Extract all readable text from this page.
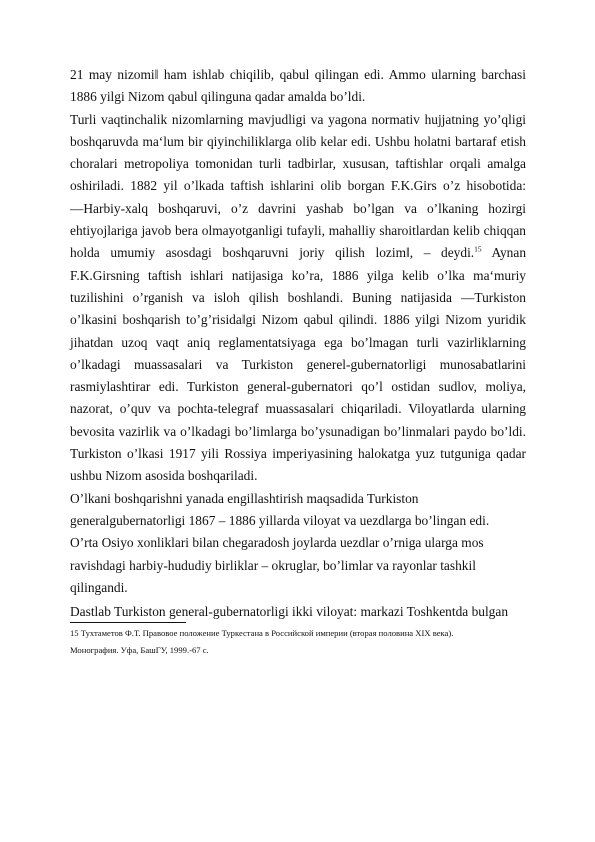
21 may nizomi‖ ham ishlab chiqilib, qabul qilingan edi. Ammo ularning barchasi 1886 yilgi Nizom qabul qilinguna qadar amalda bo’ldi.

Turli vaqtinchalik nizomlarning mavjudligi va yagona normativ hujjatning yo’qligi boshqaruvda ma‘lum bir qiyinchiliklarga olib kelar edi. Ushbu holatni bartaraf etish choralari metropoliya tomonidan turli tadbirlar, xususan, taftishlar orqali amalga oshiriladi. 1882 yil o’lkada taftish ishlarini olib borgan F.K.Girs o’z hisobotida: ―Harbiy-xalq boshqaruvi, o’z davrini yashab bo’lgan va o’lkaning hozirgi ehtiyojlariga javob bera olmayotganligi tufayli, mahalliy sharoitlardan kelib chiqqan holda umumiy asosdagi boshqaruvni joriy qilish lozim‖, – deydi.$^{15}$ Aynan F.K.Girsning taftish ishlari natijasiga ko’ra, 1886 yilga kelib o’lka ma‘muriy tuzilishini o’rganish va isloh qilish boshlandi. Buning natijasida ―Turkiston o’lkasini boshqarish to’g’risida‖gi Nizom qabul qilindi. 1886 yilgi Nizom yuridik jihatdan uzoq vaqt aniq reglamentatsiyaga ega bo’lmagan turli vazirliklarning o’lkadagi muassasalari va Turkiston generel-gubernatorligi munosabatlarini rasmiylashtirar edi. Turkiston general-gubernatori qo’l ostidan sudlov, moliya, nazorat, o’quv va pochta-telegraf muassasalari chiqariladi. Viloyatlarda ularning bevosita vazirlik va o’lkadagi bo’limlarga bo’ysunadigan bo’linmalari paydo bo’ldi. Turkiston o’lkasi 1917 yili Rossiya imperiyasining halokatga yuz tutguniga qadar ushbu Nizom asosida boshqariladi.

O’lkani boshqarishni yanada engillashtirish maqsadida Turkiston

generalgubernatorligi 1867 – 1886 yillarda viloyat va uezdlarga bo’lingan edi.

O’rta Osiyo xonliklari bilan chegaradosh joylarda uezdlar o’rniga ularga mos

ravishdagi harbiy-hududiy birliklar – okruglar, bo’limlar va rayonlar tashkil

qilingandi.

Dastlab Turkiston general-gubernatorligi ikki viloyat: markazi Toshkentda bulgan

15 Тухтаметов Ф.Т. Правовое положение Туркестана в Российской империи (вторая половина XIX века).
Монография. Уфа, БашГУ, 1999.-67 с.
